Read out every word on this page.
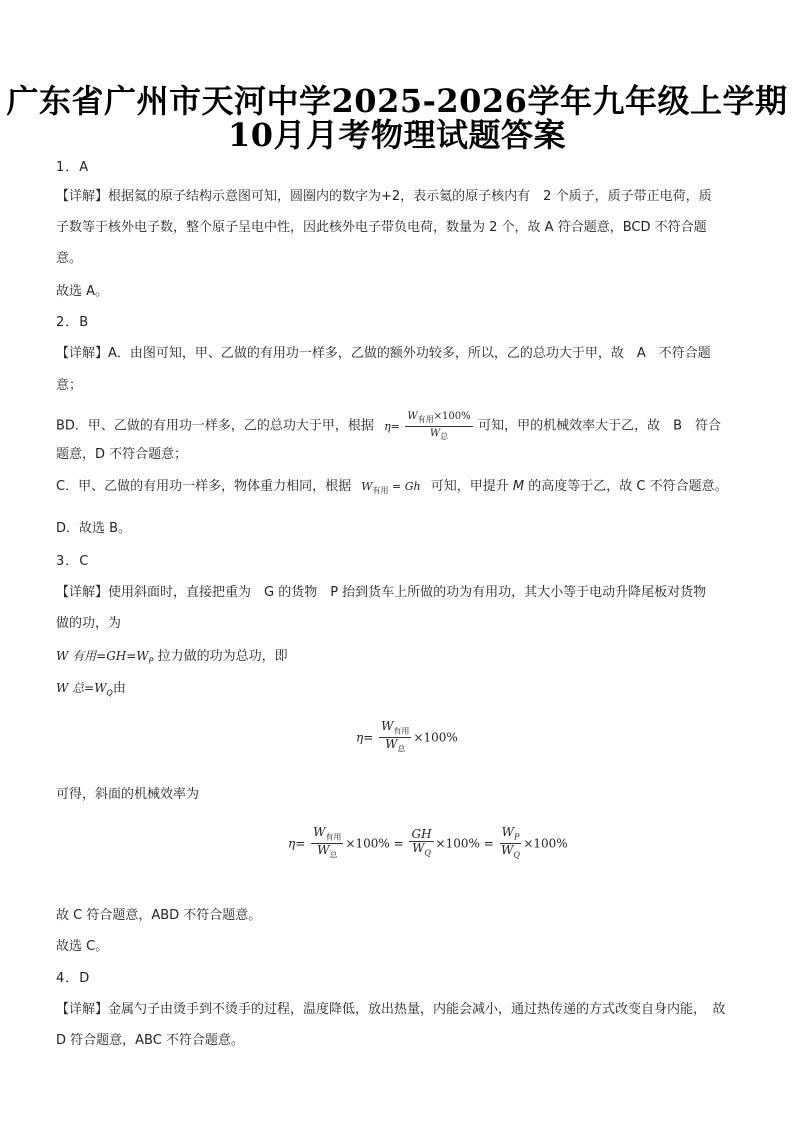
广东省广州市天河中学2025-2026学年九年级上学期
10月月考物理试题答案
1．A
【详解】根据氦的原子结构示意图可知，圆圈内的数字为+2，表示氦的原子核内有　2 个质子，质子带正电荷，质
子数等于核外电子数，整个原子呈电中性，因此核外电子带负电荷，数量为 2 个，故 A 符合题意，BCD 不符合题
意。
故选 A。
2．B
【详解】A．由图可知，甲、乙做的有用功一样多，乙做的额外功较多，所以，乙的总功大于甲，故　A　不符合题
意；
BD．甲、乙做的有用功一样多，乙的总功大于甲，根据 $\eta= \frac{W_{有用}\times 100\%}{W_总}$ 可知，甲的机械效率大于乙，故　B　符合
题意，D 不符合题意；
C．甲、乙做的有用功一样多，物体重力相同，根据 $W_{有用} = Gh$ 可知，甲提升 M 的高度等于乙，故 C 不符合题意。
D．故选 B。
3．C
【详解】使用斜面时，直接把重为　G 的货物　P 抬到货车上所做的功为有用功，其大小等于电动升降尾板对货物
做的功，为
W 有用$=GH=W_P$ 拉力做的功为总功，即
W 总$=W_Q$由
$\eta= \frac{W_{有用}}{W_总} \times 100\%$
可得，斜面的机械效率为
$\eta= \frac{W_{有用}}{W_总} \times 100\% = \frac{GH}{W_Q} \times 100\% = \frac{W_P}{W_Q} \times 100\%$
故 C 符合题意，ABD 不符合题意。
故选 C。
4．D
【详解】金属勺子由烫手到不烫手的过程，温度降低，放出热量，内能会减小，通过热传递的方式改变自身内能，　故
D 符合题意，ABC 不符合题意。
